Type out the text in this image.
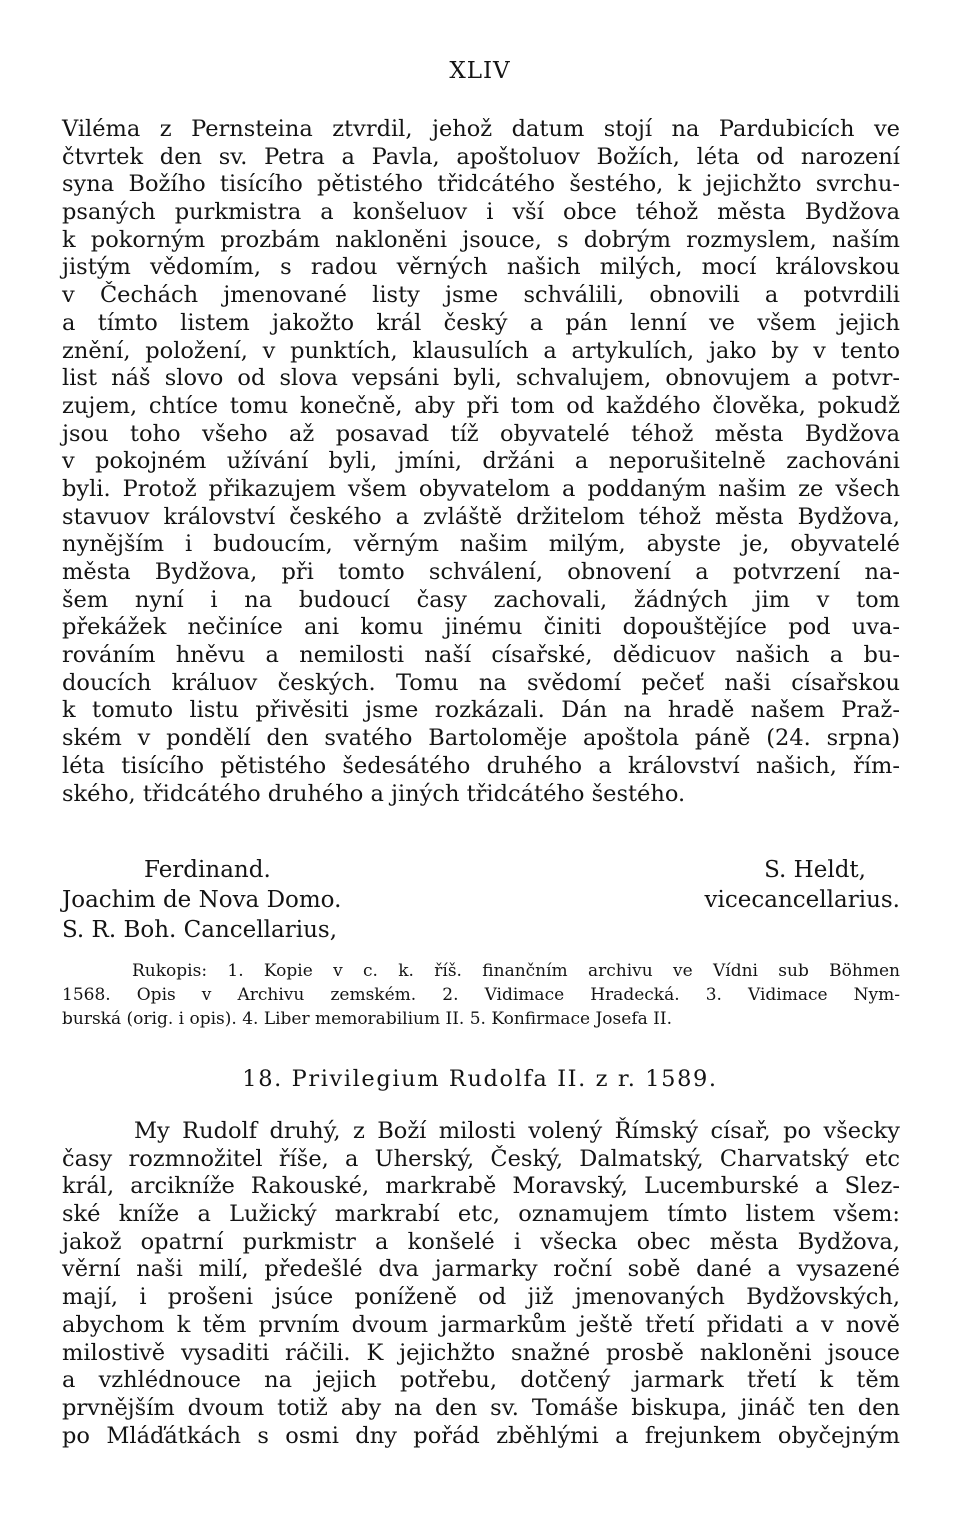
XLIV
Viléma z Pernsteina ztvrdil, jehož datum stojí na Pardubicích ve
čtvrtek den sv. Petra a Pavla, apoštoluov Božích, léta od narození
syna Božího tisícího pětistého třidcátého šestého, k jejichžto svrchu-
psaných purkmistra a konšeluov i vší obce téhož města Bydžova
k pokorným prozbám nakloněni jsouce, s dobrým rozmyslem, naším
jistým vědomím, s radou věrných našich milých, mocí královskou
v Čechách jmenované listy jsme schválili, obnovili a potvrdili
a tímto listem jakožto král český a pán lenní ve všem jejich
znění, položení, v punktích, klausulích a artykulích, jako by v tento
list náš slovo od slova vepsáni byli, schvalujem, obnovujem a potvr-
zujem, chtíce tomu konečně, aby při tom od každého člověka, pokudž
jsou toho všeho až posavad tíž obyvatelé téhož města Bydžova
v pokojném užívání byli, jmíni, držáni a neporušitelně zachováni
byli. Protož přikazujem všem obyvatelom a poddaným našim ze všech
stavuov království českého a zvláště držitelom téhož města Bydžova,
nynějším i budoucím, věrným našim milým, abyste je, obyvatelé
města Bydžova, při tomto schválení, obnovení a potvrzení na-
šem nyní i na budoucí časy zachovali, žádných jim v tom
překážek nečiníce ani komu jinému činiti dopouštějíce pod uva-
rováním hněvu a nemilosti naší císařské, dědicuov našich a bu-
doucích králuov českých. Tomu na svědomí pečeť naši císařskou
k tomuto listu přivěsiti jsme rozkázali. Dán na hradě našem Praž-
ském v pondělí den svatého Bartoloměje apoštola páně (24. srpna)
léta tisícího pětistého šedesátého druhého a království našich, řím-
ského, třidcátého druhého a jiných třidcátého šestého.
Ferdinand.	S. Heldt,
Joachim de Nova Domo.	vicecancellarius.
S. R. Boh. Cancellarius,
Rukopis: 1. Kopie v c. k. říš. finančním archivu ve Vídni sub Böhmen
1568. Opis v Archivu zemském. 2. Vidimace Hradecká. 3. Vidimace Nym-
burská (orig. i opis). 4. Liber memorabilium II. 5. Konfirmace Josefa II.
18. Privilegium Rudolfa II. z r. 1589.
My Rudolf druhý, z Boží milosti volený Římský císař, po všecky
časy rozmnožitel říše, a Uherský, Český, Dalmatský, Charvatský etc
král, arcikníže Rakouské, markrabě Moravský, Lucemburské a Slez-
ské kníže a Lužický markrabí etc, oznamujem tímto listem všem:
jakož opatrní purkmistr a konšelé i všecka obec města Bydžova,
věrní naši milí, předešlé dva jarmarky roční sobě dané a vysazené
mají, i prošeni jsúce poníženě od již jmenovaných Bydžovských,
abychom k těm prvním dvoum jarmarkům ještě třetí přidati a v nově
milostivě vysaditi ráčili. K jejichžto snažné prosbě nakloněni jsouce
a vzhlédnouce na jejich potřebu, dotčený jarmark třetí k těm
prvnějším dvoum totiž aby na den sv. Tomáše biskupa, jináč ten den
po Mláďátkách s osmi dny pořád zběhlými a frejunkem obyčejným
